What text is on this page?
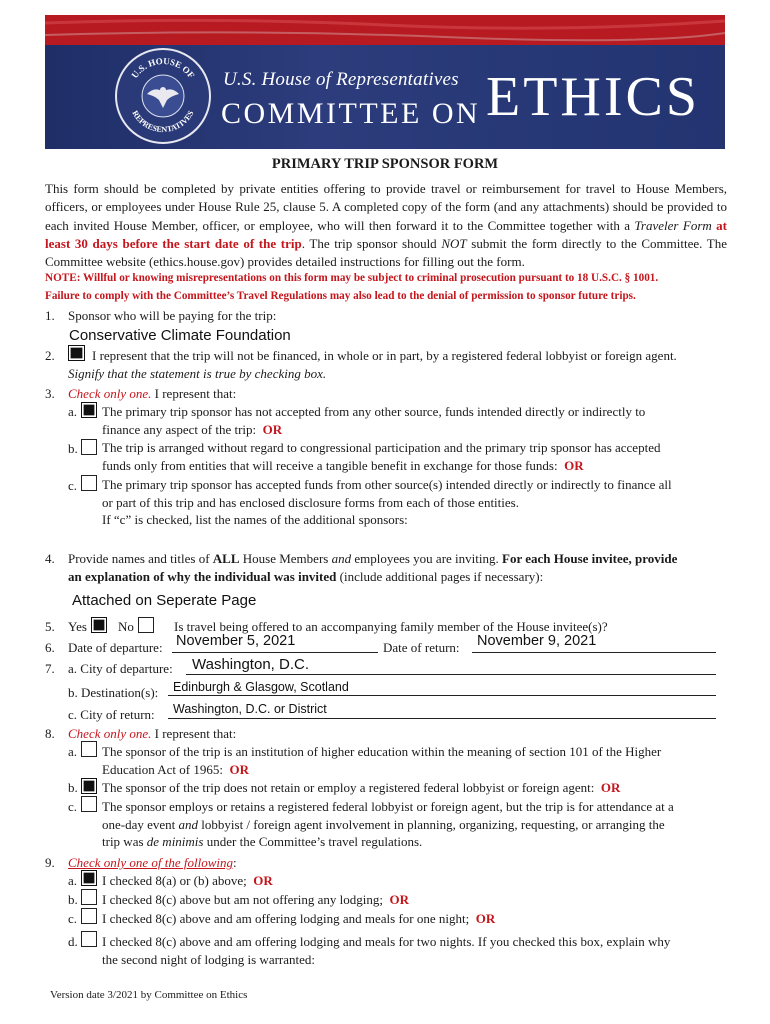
U.S. HOUSE OF
REPRESENTATIVES
U.S. House of Representatives
COMMITTEE ON ETHICS
PRIMARY TRIP SPONSOR FORM
This form should be completed by private entities offering to provide travel or reimbursement for travel to House Members, officers, or employees under House Rule 25, clause 5. A completed copy of the form (and any attachments) should be provided to each invited House Member, officer, or employee, who will then forward it to the Committee together with a Traveler Form at least 30 days before the start date of the trip. The trip sponsor should NOT submit the form directly to the Committee. The Committee website (ethics.house.gov) provides detailed instructions for filling out the form.
NOTE: Willful or knowing misrepresentations on this form may be subject to criminal prosecution pursuant to 18 U.S.C. § 1001.
Failure to comply with the Committee’s Travel Regulations may also lead to the denial of permission to sponsor future trips.
1. Sponsor who will be paying for the trip:
Conservative Climate Foundation
2.	I represent that the trip will not be financed, in whole or in part, by a registered federal lobbyist or foreign agent.
Signify that the statement is true by checking box.
3. Check only one. I represent that:
a. The primary trip sponsor has not accepted from any other source, funds intended directly or indirectly to
finance any aspect of the trip: OR
b. The trip is arranged without regard to congressional participation and the primary trip sponsor has accepted
funds only from entities that will receive a tangible benefit in exchange for those funds: OR
c. The primary trip sponsor has accepted funds from other source(s) intended directly or indirectly to finance all
or part of this trip and has enclosed disclosure forms from each of those entities.
If “c” is checked, list the names of the additional sponsors:
4. Provide names and titles of ALL House Members and employees you are inviting. For each House invitee, provide
an explanation of why the individual was invited (include additional pages if necessary):
Attached on Seperate Page
5. Yes No	Is travel being offered to an accompanying family member of the House invitee(s)?
6. Date of departure: November 5, 2021	Date of return: November 9, 2021
7. a. City of departure: Washington, D.C.
b. Destination(s): Edinburgh & Glasgow, Scotland
c. City of return: Washington, D.C. or District
8. Check only one. I represent that:
a. The sponsor of the trip is an institution of higher education within the meaning of section 101 of the Higher
Education Act of 1965: OR
b. The sponsor of the trip does not retain or employ a registered federal lobbyist or foreign agent: OR
c. The sponsor employs or retains a registered federal lobbyist or foreign agent, but the trip is for attendance at a
one-day event and lobbyist / foreign agent involvement in planning, organizing, requesting, or arranging the
trip was de minimis under the Committee’s travel regulations.
9. Check only one of the following:
a. I checked 8(a) or (b) above; OR
b. I checked 8(c) above but am not offering any lodging; OR
c. I checked 8(c) above and am offering lodging and meals for one night; OR
d. I checked 8(c) above and am offering lodging and meals for two nights. If you checked this box, explain why
the second night of lodging is warranted:
Version date 3/2021 by Committee on Ethics
